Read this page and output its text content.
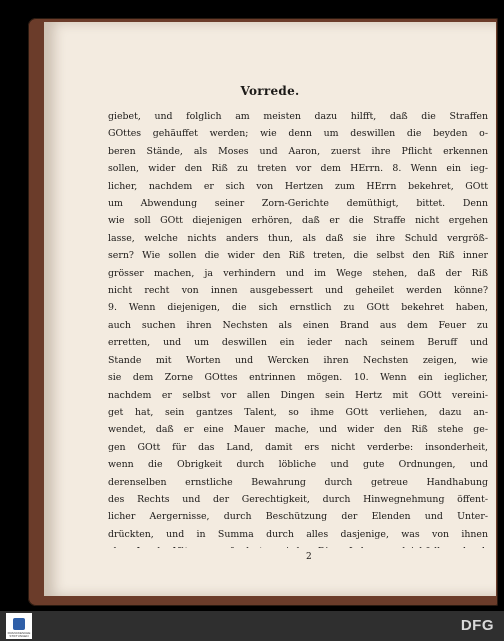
Vorrede.
giebet, und folglich am meisten dazu hilfft, daß die Straffen
GOttes gehäuffet werden; wie denn um deswillen die beyden o-
beren Stände, als Moses und Aaron, zuerst ihre Pflicht erkennen
sollen, wider den Riß zu treten vor dem HErrn. 8. Wenn ein ieg-
licher, nachdem er sich von Hertzen zum HErrn bekehret, GOtt
um Abwendung seiner Zorn-Gerichte demüthigt, bittet. Denn
wie soll GOtt diejenigen erhören, daß er die Straffe nicht ergehen
lasse, welche nichts anders thun, als daß sie ihre Schuld vergröß-
sern? Wie sollen die wider den Riß treten, die selbst den Riß inner
grösser machen, ja verhindern und im Wege stehen, daß der Riß
nicht recht von innen ausgebessert und geheilet werden könne?
9. Wenn diejenigen, die sich ernstlich zu GOtt bekehret haben,
auch suchen ihren Nechsten als einen Brand aus dem Feuer zu
erretten, und um deswillen ein ieder nach seinem Beruff und
Stande mit Worten und Wercken ihren Nechsten zeigen, wie
sie dem Zorne GOttes entrinnen mögen. 10. Wenn ein ieglicher,
nachdem er selbst vor allen Dingen sein Hertz mit GOtt vereini-
get hat, sein gantzes Talent, so ihme GOtt verliehen, dazu an-
wendet, daß er eine Mauer mache, und wider den Riß stehe ge-
gen GOtt für das Land, damit ers nicht verderbe: insonderheit,
wenn die Obrigkeit durch löbliche und gute Ordnungen, und
derenselben ernstliche Bewahrung durch getreue Handhabung
des Rechts und der Gerechtigkeit, durch Hinwegnehmung öffent-
licher Aergernisse, durch Beschützung der Elenden und Unter-
drückten, und in Summa durch alles dasjenige, was von ihnen
2
FRANCKESCHE STIFTUNGEN
DFG
